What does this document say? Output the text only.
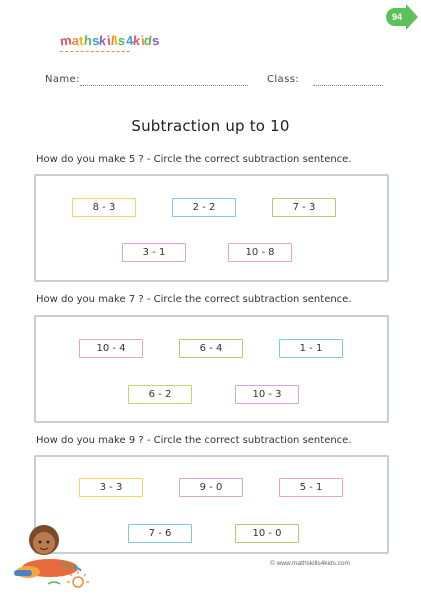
mathskills4kids
94
Name:	Class:
Subtraction up to 10
How do you make 5 ? - Circle the correct subtraction sentence.
8 - 3	2 - 2	7 - 3
3 - 1	10 - 8
How do you make 7 ? - Circle the correct subtraction sentence.
10 - 4	6 - 4	1 - 1
6 - 2	10 - 3
How do you make 9 ? - Circle the correct subtraction sentence.
3 - 3	9 - 0	5 - 1
7 - 6	10 - 0
© www.mathskills4kids.com
